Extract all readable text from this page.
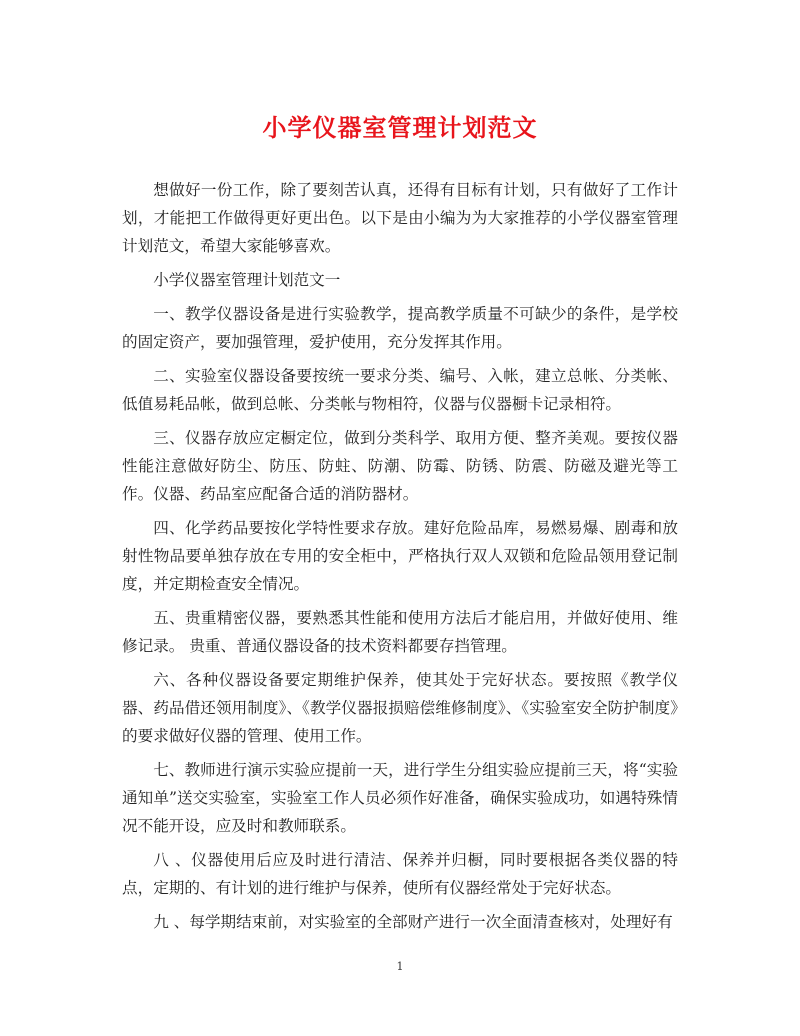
小学仪器室管理计划范文

想做好一份工作，除了要刻苦认真，还得有目标有计划，只有做好了工作计划，才能把工作做得更好更出色。以下是由小编为为大家推荐的小学仪器室管理计划范文，希望大家能够喜欢。

小学仪器室管理计划范文一

一、教学仪器设备是进行实验教学，提高教学质量不可缺少的条件，是学校的固定资产，要加强管理，爱护使用，充分发挥其作用。

二、实验室仪器设备要按统一要求分类、编号、入帐，建立总帐、分类帐、低值易耗品帐，做到总帐、分类帐与物相符，仪器与仪器橱卡记录相符。

三、仪器存放应定橱定位，做到分类科学、取用方便、整齐美观。要按仪器性能注意做好防尘、防压、防蛀、防潮、防霉、防锈、防震、防磁及避光等工作。仪器、药品室应配备合适的消防器材。

四、化学药品要按化学特性要求存放。建好危险品库，易燃易爆、剧毒和放射性物品要单独存放在专用的安全柜中，严格执行双人双锁和危险品领用登记制度，并定期检查安全情况。

五、贵重精密仪器，要熟悉其性能和使用方法后才能启用，并做好使用、维修记录。 贵重、普通仪器设备的技术资料都要存挡管理。

六、各种仪器设备要定期维护保养，使其处于完好状态。要按照《教学仪器、药品借还领用制度》、《教学仪器报损赔偿维修制度》、《实验室安全防护制度》的要求做好仪器的管理、使用工作。

七、教师进行演示实验应提前一天，进行学生分组实验应提前三天，将“实验通知单”送交实验室，实验室工作人员必须作好准备，确保实验成功，如遇特殊情况不能开设，应及时和教师联系。

八 、仪器使用后应及时进行清洁、保养并归橱，同时要根据各类仪器的特点，定期的、有计划的进行维护与保养，使所有仪器经常处于完好状态。

九 、每学期结束前，对实验室的全部财产进行一次全面清查核对，处理好有

1
